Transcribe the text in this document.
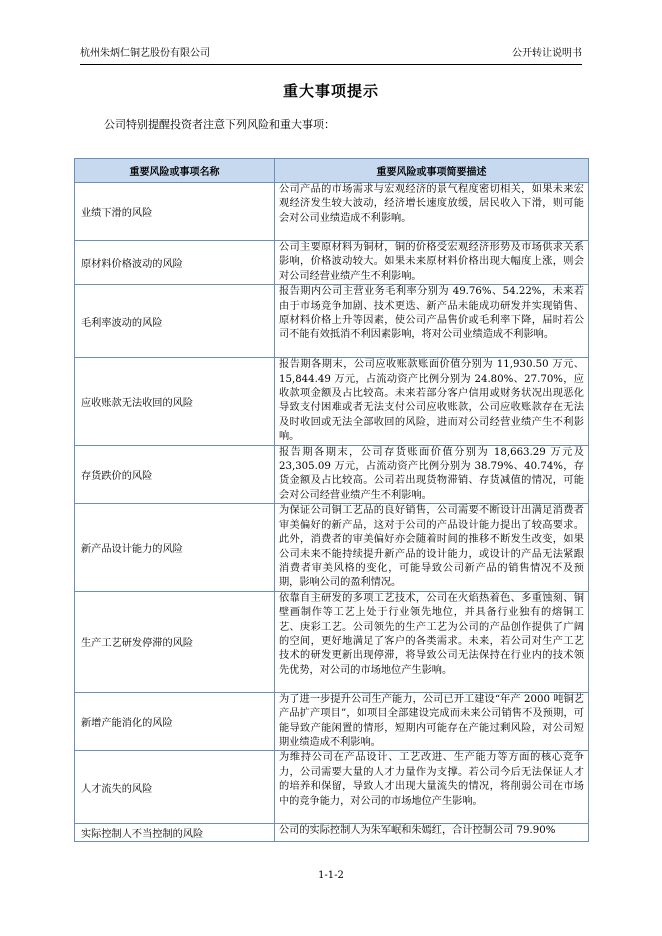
杭州朱炳仁铜艺股份有限公司	公开转让说明书
重大事项提示
公司特别提醒投资者注意下列风险和重大事项：
重要风险或事项名称	重要风险或事项简要描述
业绩下滑的风险	公司产品的市场需求与宏观经济的景气程度密切相关，如果未来宏观经济发生较大波动，经济增长速度放缓，居民收入下滑，则可能会对公司业绩造成不利影响。
原材料价格波动的风险	公司主要原材料为铜材，铜的价格受宏观经济形势及市场供求关系影响，价格波动较大。如果未来原材料价格出现大幅度上涨，则会对公司经营业绩产生不利影响。
毛利率波动的风险	报告期内公司主营业务毛利率分别为 49.76%、54.22%，未来若由于市场竞争加剧、技术更迭、新产品未能成功研发并实现销售、原材料价格上升等因素，使公司产品售价或毛利率下降，届时若公司不能有效抵消不利因素影响，将对公司业绩造成不利影响。
应收账款无法收回的风险	报告期各期末，公司应收账款账面价值分别为 11,930.50 万元、15,844.49 万元，占流动资产比例分别为 24.80%、27.70%，应收款项金额及占比较高。未来若部分客户信用或财务状况出现恶化导致支付困难或者无法支付公司应收账款，公司应收账款存在无法及时收回或无法全部收回的风险，进而对公司经营业绩产生不利影响。
存货跌价的风险	报告期各期末，公司存货账面价值分别为 18,663.29 万元及 23,305.09 万元，占流动资产比例分别为 38.79%、40.74%，存货金额及占比较高。公司若出现货物滞销、存货减值的情况，可能会对公司经营业绩产生不利影响。
新产品设计能力的风险	为保证公司铜工艺品的良好销售，公司需要不断设计出满足消费者审美偏好的新产品，这对于公司的产品设计能力提出了较高要求。此外，消费者的审美偏好亦会随着时间的推移不断发生改变，如果公司未来不能持续提升新产品的设计能力，或设计的产品无法紧跟消费者审美风格的变化，可能导致公司新产品的销售情况不及预期，影响公司的盈利情况。
生产工艺研发停滞的风险	依靠自主研发的多项工艺技术，公司在火焰热着色、多重蚀刻、铜壁画制作等工艺上处于行业领先地位，并具备行业独有的熔铜工艺、庚彩工艺。公司领先的生产工艺为公司的产品创作提供了广阔的空间，更好地满足了客户的各类需求。未来，若公司对生产工艺技术的研发更新出现停滞，将导致公司无法保持在行业内的技术领先优势，对公司的市场地位产生影响。
新增产能消化的风险	为了进一步提升公司生产能力，公司已开工建设“年产 2000 吨铜艺产品扩产项目”，如项目全部建设完成而未来公司销售不及预期，可能导致产能闲置的情形，短期内可能存在产能过剩风险，对公司短期业绩造成不利影响。
人才流失的风险	为维持公司在产品设计、工艺改进、生产能力等方面的核心竞争力，公司需要大量的人才力量作为支撑。若公司今后无法保证人才的培养和保留，导致人才出现大量流失的情况，将削弱公司在市场中的竞争能力，对公司的市场地位产生影响。
实际控制人不当控制的风险	公司的实际控制人为朱军岷和朱嫣红，合计控制公司 79.90%
1-1-2
